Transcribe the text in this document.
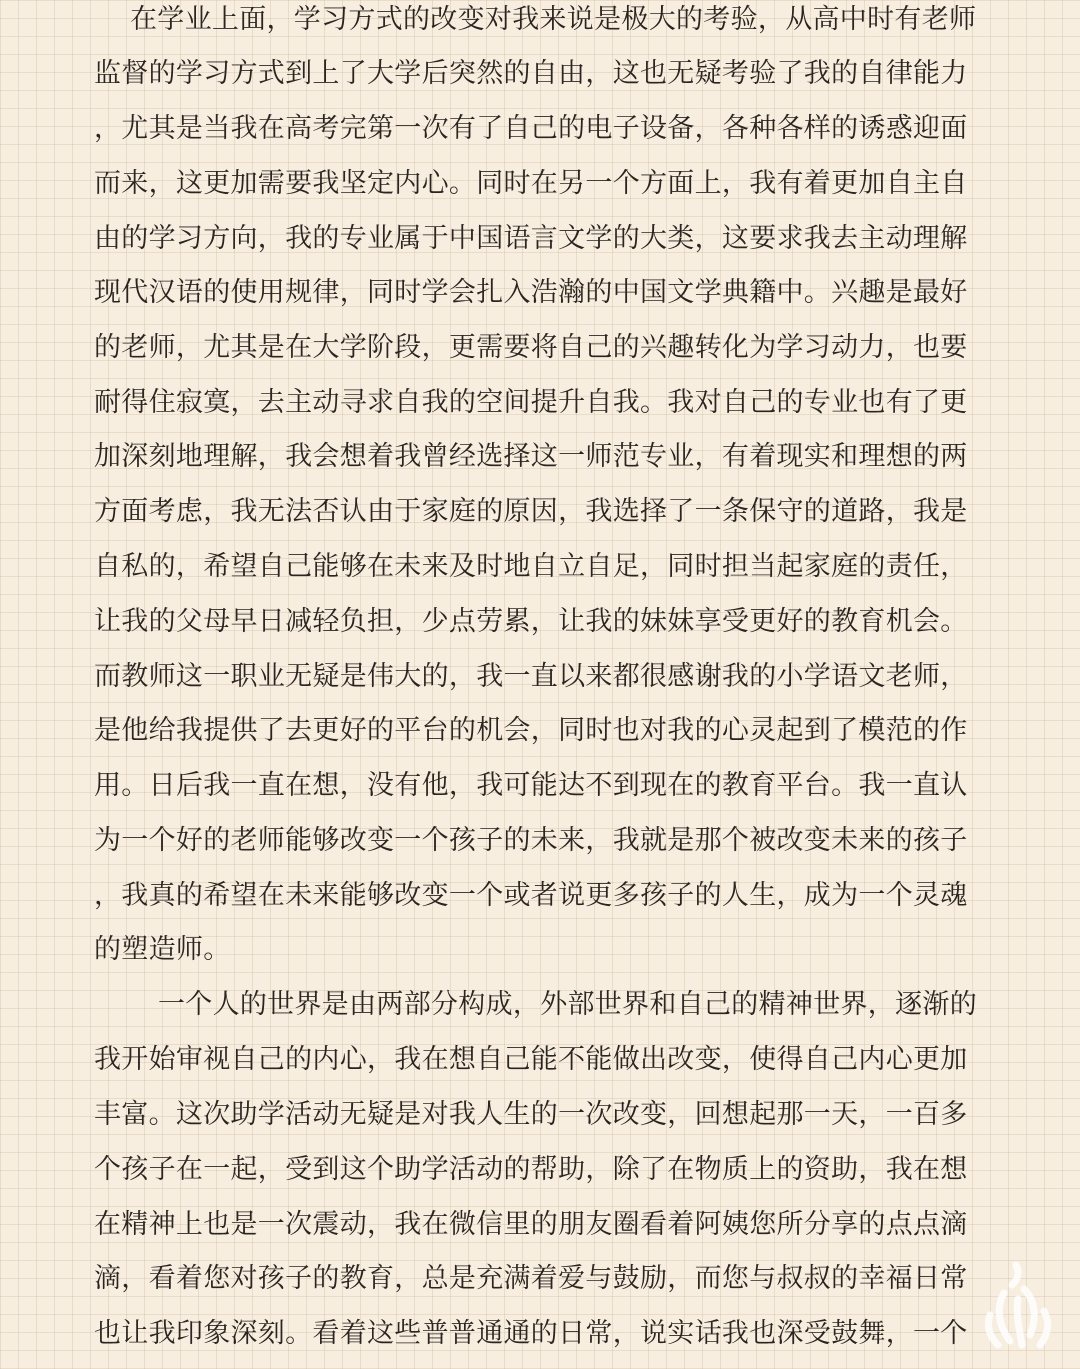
在学业上面，学习方式的改变对我来说是极大的考验，从高中时有老师
监督的学习方式到上了大学后突然的自由，这也无疑考验了我的自律能力
，尤其是当我在高考完第一次有了自己的电子设备，各种各样的诱惑迎面
而来，这更加需要我坚定内心。同时在另一个方面上，我有着更加自主自
由的学习方向，我的专业属于中国语言文学的大类，这要求我去主动理解
现代汉语的使用规律，同时学会扎入浩瀚的中国文学典籍中。兴趣是最好
的老师，尤其是在大学阶段，更需要将自己的兴趣转化为学习动力，也要
耐得住寂寞，去主动寻求自我的空间提升自我。我对自己的专业也有了更
加深刻地理解，我会想着我曾经选择这一师范专业，有着现实和理想的两
方面考虑，我无法否认由于家庭的原因，我选择了一条保守的道路，我是
自私的，希望自己能够在未来及时地自立自足，同时担当起家庭的责任，
让我的父母早日减轻负担，少点劳累，让我的妹妹享受更好的教育机会。
而教师这一职业无疑是伟大的，我一直以来都很感谢我的小学语文老师，
是他给我提供了去更好的平台的机会，同时也对我的心灵起到了模范的作
用。日后我一直在想，没有他，我可能达不到现在的教育平台。我一直认
为一个好的老师能够改变一个孩子的未来，我就是那个被改变未来的孩子
，我真的希望在未来能够改变一个或者说更多孩子的人生，成为一个灵魂
的塑造师。
一个人的世界是由两部分构成，外部世界和自己的精神世界，逐渐的
我开始审视自己的内心，我在想自己能不能做出改变，使得自己内心更加
丰富。这次助学活动无疑是对我人生的一次改变，回想起那一天，一百多
个孩子在一起，受到这个助学活动的帮助，除了在物质上的资助，我在想
在精神上也是一次震动，我在微信里的朋友圈看着阿姨您所分享的点点滴
滴，看着您对孩子的教育，总是充满着爱与鼓励，而您与叔叔的幸福日常
也让我印象深刻。看着这些普普通通的日常，说实话我也深受鼓舞，一个
